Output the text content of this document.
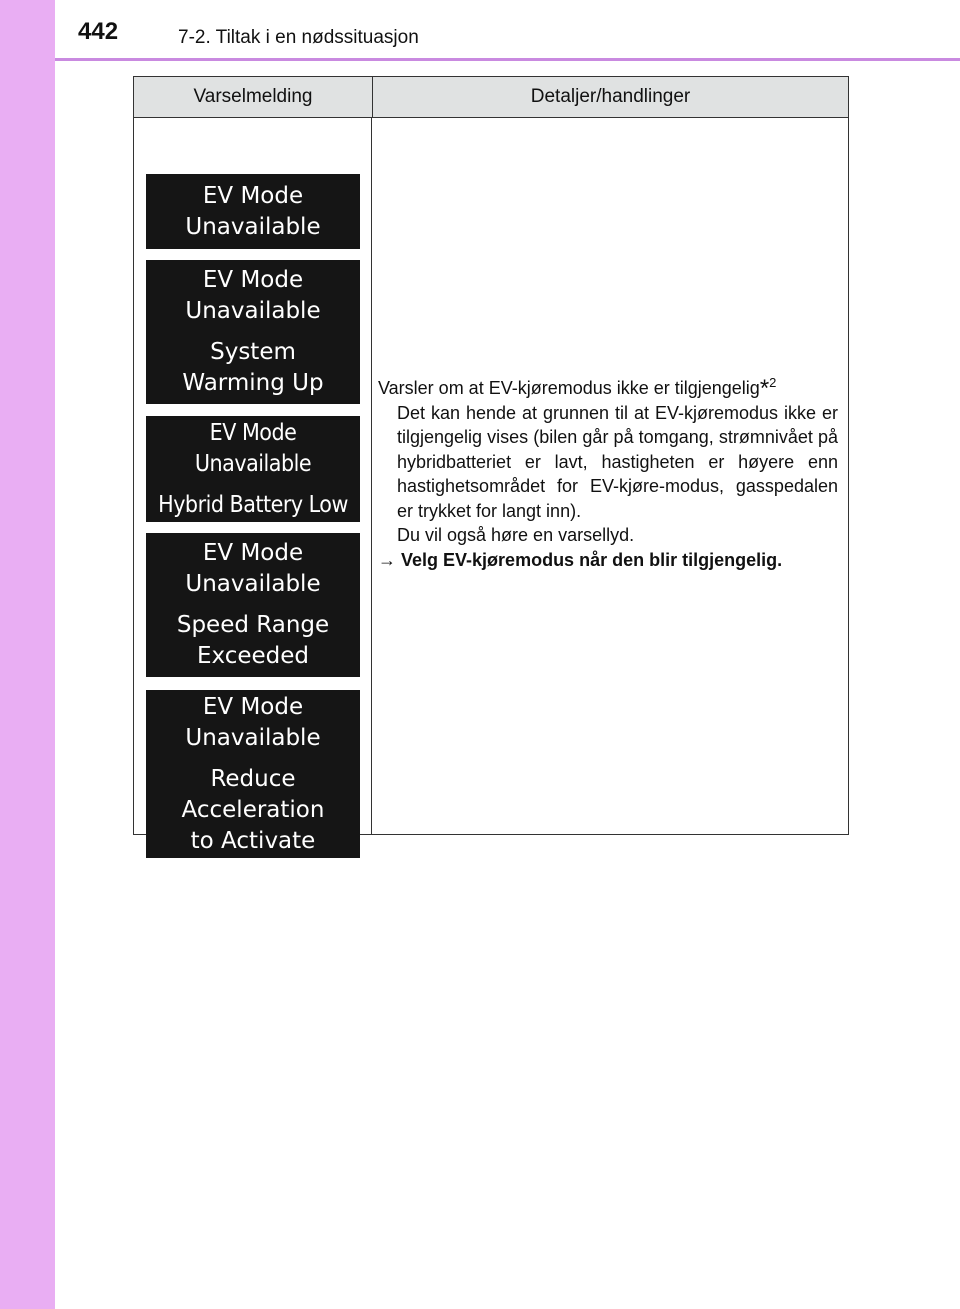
442	7-2. Tiltak i en nødssituasjon
Varselmelding	Detaljer/handlinger
EV Mode
Unavailable
EV Mode
Unavailable
System
Warming Up
EV Mode
Unavailable
Hybrid Battery Low
EV Mode
Unavailable
Speed Range
Exceeded
EV Mode
Unavailable
Reduce
Acceleration
to Activate
Varsler om at EV-kjøremodus ikke er tilgjengelig*$^2$
Det kan hende at grunnen til at EV-kjøremodus ikke er tilgjengelig vises (bilen går på tomgang, strømnivået på hybridbatteriet er lavt, hastigheten er høyere enn hastighetsområdet for EV-kjøre-modus, gasspedalen er trykket for langt inn).
Du vil også høre en varsellyd.
→ Velg EV-kjøremodus når den blir tilgjengelig.
